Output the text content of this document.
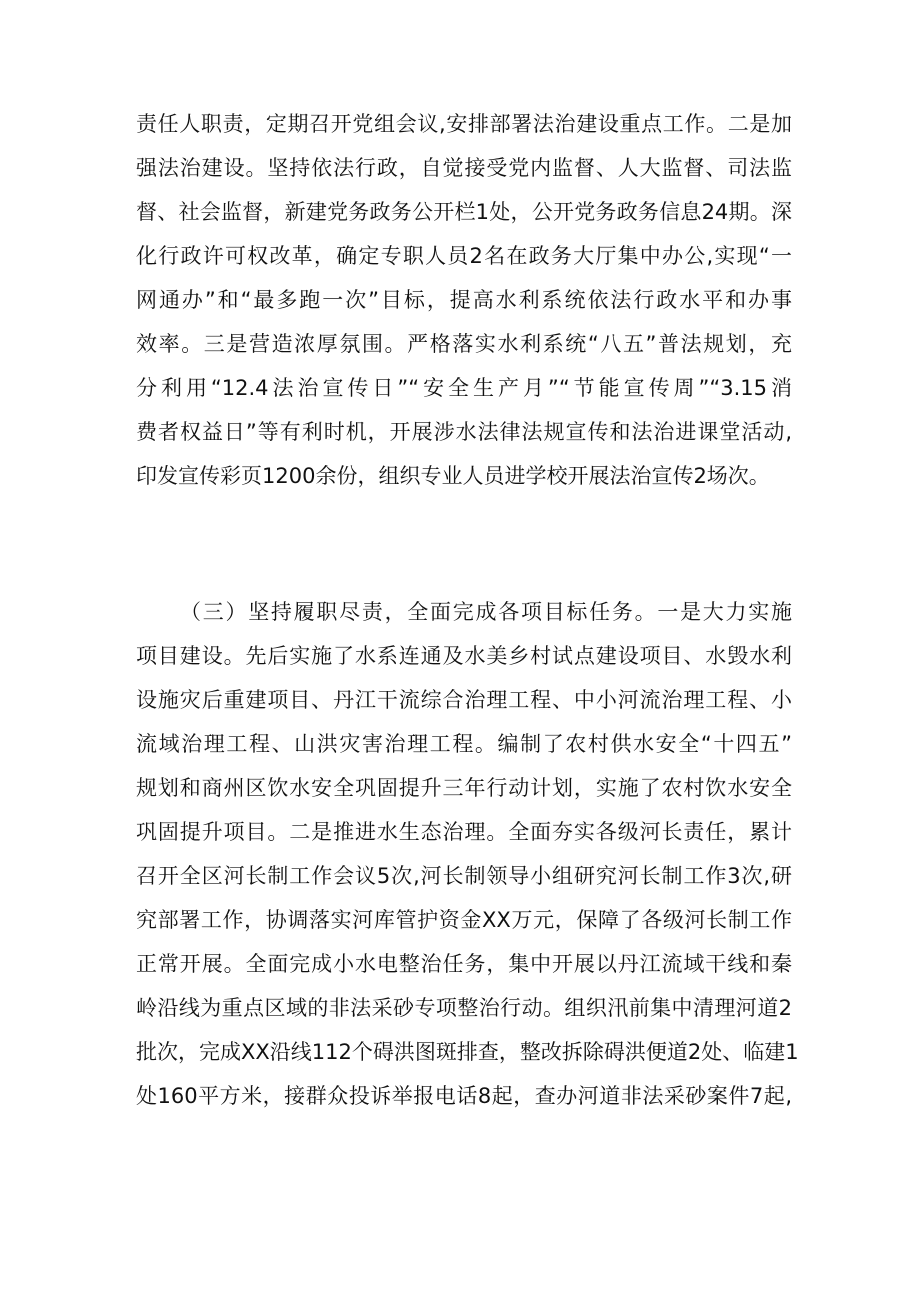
责任人职责，定期召开党组会议,安排部署法治建设重点工作。二是加
强法治建设。坚持依法行政，自觉接受党内监督、人大监督、司法监
督、社会监督，新建党务政务公开栏1处，公开党务政务信息24期。深
化行政许可权改革，确定专职人员2名在政务大厅集中办公,实现“一
网通办”和“最多跑一次”目标，提高水利系统依法行政水平和办事
效率。三是营造浓厚氛围。严格落实水利系统“八五”普法规划，充
分利用“12.4法治宣传日”“安全生产月”“节能宣传周”“3.15消
费者权益日”等有利时机，开展涉水法律法规宣传和法治进课堂活动,
印发宣传彩页1200余份，组织专业人员进学校开展法治宣传2场次。
（三）坚持履职尽责，全面完成各项目标任务。一是大力实施
项目建设。先后实施了水系连通及水美乡村试点建设项目、水毁水利
设施灾后重建项目、丹江干流综合治理工程、中小河流治理工程、小
流域治理工程、山洪灾害治理工程。编制了农村供水安全“十四五”
规划和商州区饮水安全巩固提升三年行动计划，实施了农村饮水安全
巩固提升项目。二是推进水生态治理。全面夯实各级河长责任，累计
召开全区河长制工作会议5次,河长制领导小组研究河长制工作3次,研
究部署工作，协调落实河库管护资金XX万元，保障了各级河长制工作
正常开展。全面完成小水电整治任务，集中开展以丹江流域干线和秦
岭沿线为重点区域的非法采砂专项整治行动。组织汛前集中清理河道2
批次，完成XX沿线112个碍洪图斑排查，整改拆除碍洪便道2处、临建1
处160平方米，接群众投诉举报电话8起，查办河道非法采砂案件7起,
